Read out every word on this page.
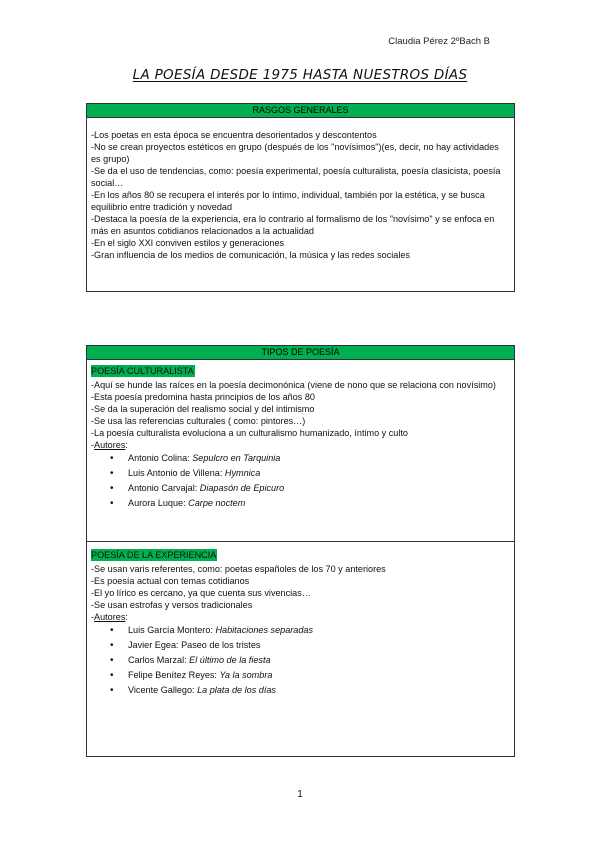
Claudia Pérez 2ºBach B
LA POESÍA DESDE 1975 HASTA NUESTROS DÍAS
RASGOS GENERALES
-Los poetas en esta época se encuentra desorientados y descontentos
-No se crean proyectos estéticos en grupo (después de los "novísimos")(es, decir, no hay actividades es grupo)
-Se da el uso de tendencias, como: poesía experimental, poesía culturalista, poesía clasicista, poesía social…
-En los años 80 se recupera el interés por lo íntimo, individual, también por la estética, y se busca equilibrio entre tradición y novedad
-Destaca la poesía de la experiencia, era lo contrario al formalismo de los "novísimo" y se enfoca en más en asuntos cotidianos relacionados a la actualidad
-En el siglo XXI conviven estilos y generaciones
-Gran influencia de los medios de comunicación, la música y las redes sociales
TIPOS DE POESÍA
POESÍA CULTURALISTA
-Aquí se hunde las raíces en la poesía decimonónica (viene de nono que se relaciona con novísimo)
-Esta poesía predomina hasta principios de los años 80
-Se da la superación del realismo social y del intimismo
-Se usa las referencias culturales ( como: pintores…)
-La poesía culturalista evoluciona a un culturalismo humanizado, íntimo y culto
-Autores:
• Antonio Colina: Sepulcro en Tarquinia
• Luis Antonio de Villena: Hymnica
• Antonio Carvajal: Diapasón de Epicuro
• Aurora Luque: Carpe noctem
POESÍA DE LA EXPERIENCIA
-Se usan varis referentes, como: poetas españoles de los 70 y anteriores
-Es poesía actual con temas cotidianos
-El yo lírico es cercano, ya que cuenta sus vivencias…
-Se usan estrofas y versos tradicionales
-Autores:
• Luis García Montero: Habitaciones separadas
• Javier Egea: Paseo de los tristes
• Carlos Marzal: El último de la fiesta
• Felipe Benítez Reyes: Ya la sombra
• Vicente Gallego: La plata de los días
1
